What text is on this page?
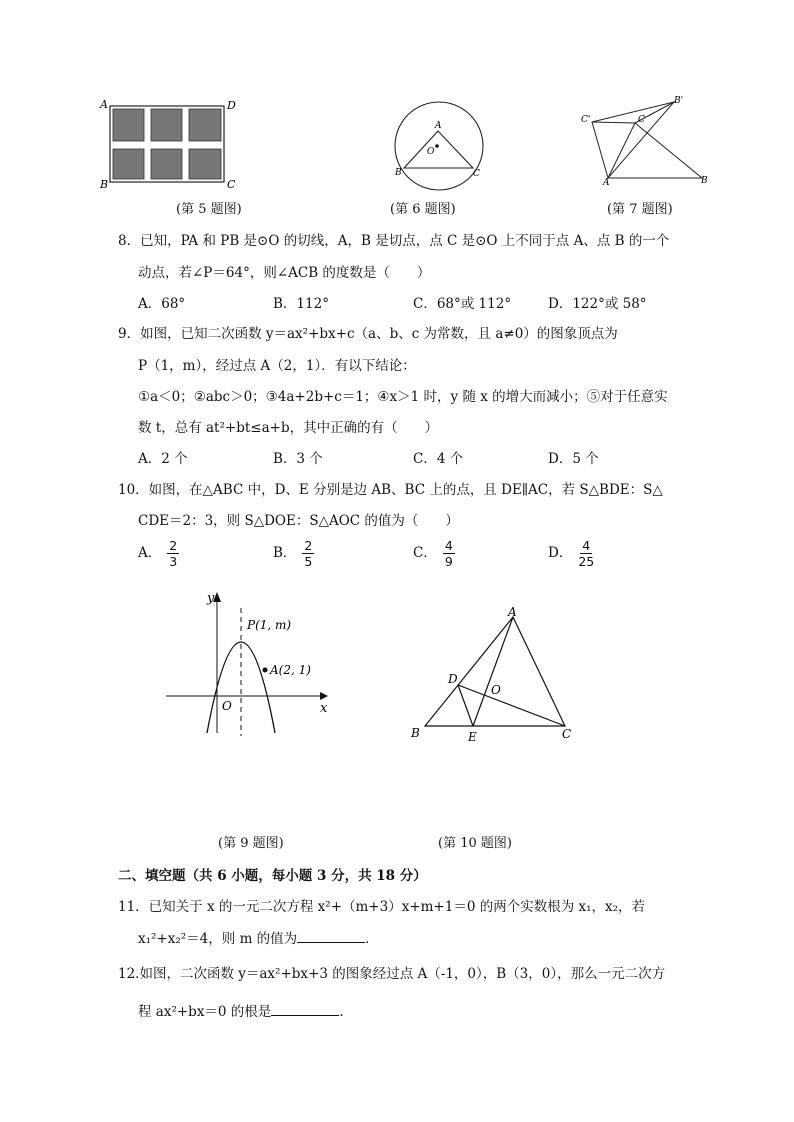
A	D
B	C
(第 5 题图)
A
O
B	C
(第 6 题图)
C'
B'
C
A	B
(第 7 题图)
8．已知，PA 和 PB 是⊙O 的切线，A，B 是切点，点 C 是⊙O 上不同于点 A、点 B 的一个
动点，若∠P＝64°，则∠ACB 的度数是（　　）
A．68°	B．112°	C．68°或 112°	D．122°或 58°
9．如图，已知二次函数 y＝ax²+bx+c（a、b、c 为常数，且 a≠0）的图象顶点为
P（1，m），经过点 A（2，1）．有以下结论：
①a＜0；②abc＞0；③4a+2b+c＝1；④x＞1 时，y 随 x 的增大而减小；⑤对于任意实
数 t，总有 at²+bt≤a+b，其中正确的有（　　）
A．2 个	B．3 个	C．4 个	D．5 个
10．如图，在△ABC 中，D、E 分别是边 AB、BC 上的点，且 DE∥AC，若 S△BDE：S△
CDE＝2：3，则 S△DOE：S△AOC 的值为（　　）
A． $\frac{2}{3}$	B． $\frac{2}{5}$	C． $\frac{4}{9}$	D． $\frac{4}{25}$
y
x
O
P(1, m)
A(2, 1)
A
B	C
D
E
O
(第 9 题图)	(第 10 题图)
二、填空题（共 6 小题，每小题 3 分，共 18 分）
11．已知关于 x 的一元二次方程 x²+（m+3）x+m+1＝0 的两个实数根为 x₁，x₂，若
x₁²+x₂²＝4，则 m 的值为	．
12.如图，二次函数 y＝ax²+bx+3 的图象经过点 A（-1，0），B（3，0），那么一元二次方
程 ax²+bx＝0 的根是	．
